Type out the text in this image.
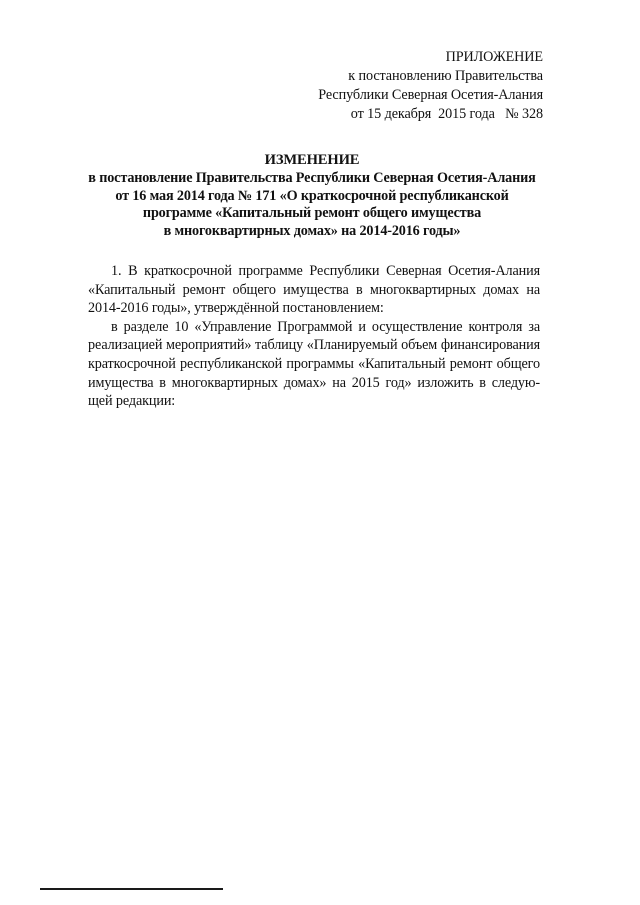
ПРИЛОЖЕНИЕ
к постановлению Правительства
Республики Северная Осетия-Алания
от 15 декабря  2015 года   № 328
ИЗМЕНЕНИЕ
в постановление Правительства Республики Северная Осетия-Алания
от 16 мая 2014 года № 171 «О краткосрочной республиканской
программе «Капитальный ремонт общего имущества
в многоквартирных домах» на 2014-2016 годы»

1. В краткосрочной программе Республики Северная Осетия-Алания «Капитальный ремонт общего имущества в многоквартирных домах на 2014-2016 годы», утверждённой постановлением:

в разделе 10 «Управление Программой и осуществление контроля за реализацией мероприятий» таблицу «Планируемый объем финансирования краткосрочной республиканской программы «Капитальный ремонт общего имущества в многоквартирных домах» на 2015 год» изложить в следую-щей редакции:
